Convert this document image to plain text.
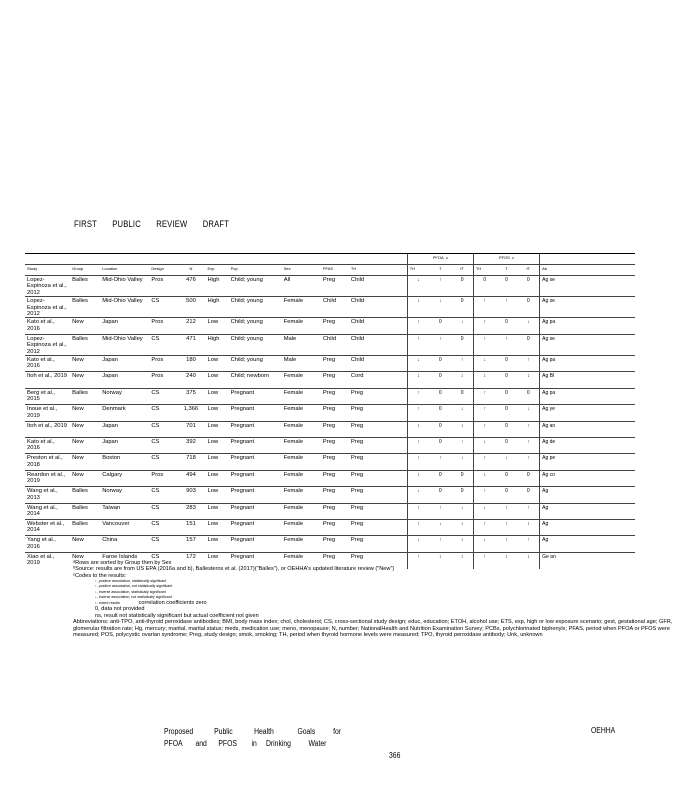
FIRST PUBLIC REVIEW DRAFT
										PFOA c			PFOS c			
Study	Group	Location	Design	N	Exp	Pop	Sex	PFAS	TH	TH	T	fT	TH	T	fT	Ab
Lopez-Espinoza et al., 2012	Balles	Mid-Ohio Valley	Pros	476	High	Child; young	All	Preg	Child	↓	↑	0	0	0	0	Ag se
Lopez-Espinoza et al., 2012	Balles	Mid-Ohio Valley	CS	500	High	Child; young	Female	Child	Child	↓	↓	0	↑	↑	0	Ag se
Kato et al., 2016	New	Japan	Pros	212	Low	Child; young	Female	Preg	Child	↑	0	↓	↑	0	↓	Ag pa
Lopez-Espinoza et al., 2012	Balles	Mid-Ohio Valley	CS	471	High	Child; young	Male	Child	Child	↑	↑	0	↑	↑	0	Ag se
Kato et al., 2016	New	Japan	Pros	180	Low	Child; young	Male	Preg	Child	↓	0	↑	↓	0	↑	Ag pa
Itoh et al., 2019	New	Japan	Pros	240	Low	Child; newborn	Female	Preg	Cord	↕	0	↕	↕	0	↕	Ag BI
Berg et al., 2015	Balles	Norway	CS	375	Low	Pregnant	Female	Preg	Preg	↑	0	0	↑	0	0	Ag pa
Inoue et al., 2019	New	Denmark	CS	1,366	Low	Pregnant	Female	Preg	Preg	↑	0	↓	↑	0	↓	Ag ye
Itoh et al., 2019	New	Japan	CS	701	Low	Pregnant	Female	Preg	Preg	↕	0	↕	↑	0	↑	Ag an
Kato et al., 2016	New	Japan	CS	392	Low	Pregnant	Female	Preg	Preg	↑	0	↑	↓	0	↑	Ag de
Preston et al., 2018	New	Boston	CS	718	Low	Pregnant	Female	Preg	Preg	↑	↑	↓	↑	↓	↑	Ag pe
Reardon et al., 2019	New	Calgary	Pros	494	Low	Pregnant	Female	Preg	Preg	↕	0	0	↕	0	0	Ag co
Wang et al., 2013	Balles	Norway	CS	903	Low	Pregnant	Female	Preg	Preg	↓	0	0	↑	0	0	Ag
Wang et al., 2014	Balles	Taiwan	CS	283	Low	Pregnant	Female	Preg	Preg	↑	↑	↓	↓	↑	↑	Ag
Webster et al., 2014	Balles	Vancouver	CS	151	Low	Pregnant	Female	Preg	Preg	↑	↓	↕	↑	↑	↕	Ag
Yang et al., 2016	New	China	CS	157	Low	Pregnant	Female	Preg	Preg	↓	↑	↕	↓	↑	↑	Ag
Xiao et al., 2019	New	Faroe Islands	CS	172	Low	Pregnant	Female	Preg	Preg	↑	↕	↕	↑	↕	↕	Ge an
ᵃRows are sorted by Group then by Sex
ᵇSource: results are from US EPA (2016a and b), Ballesteros et al. (2017)("Balles"), or OEHHA's updated literature review ("New")
ᶜCodes to the results:
↑, positive association, statistically significant
↑, positive association, not statistically significant
↓, inverse association, statistically significant
↓, inverse association, not statistically significant
↕, mixed results	correlation coefficients zero
0, data not provided
ns, result not statistically significant but actual coefficient not given
Abbreviations: anti-TPO, anti-thyroid peroxidase antibodies; BMI, body mass index; chol, cholesterol; CS, cross-sectional study design; educ, education; ETOH, alcohol use; ETS, exp, high or low exposure scenario; gest, gestational age; GFR, glomerular filtration rate; Hg, mercury; marital, marital status; meds, medication use; meno, menopause; N, number; NationalHealth and Nutrition Examination Survey; PCBs, polychlorinated biphenyls; PFAS, period when PFOA or PFOS were measured; POS, polycystic ovarian syndrome; Preg, study design; smok, smoking; TH, period when thyroid hormone levels were measured; TPO, thyroid peroxidase antibody; Unk, unknown
Proposed	Public	Health	Goals for
PFOA and PFOS in Drinking Water
OEHHA
366
